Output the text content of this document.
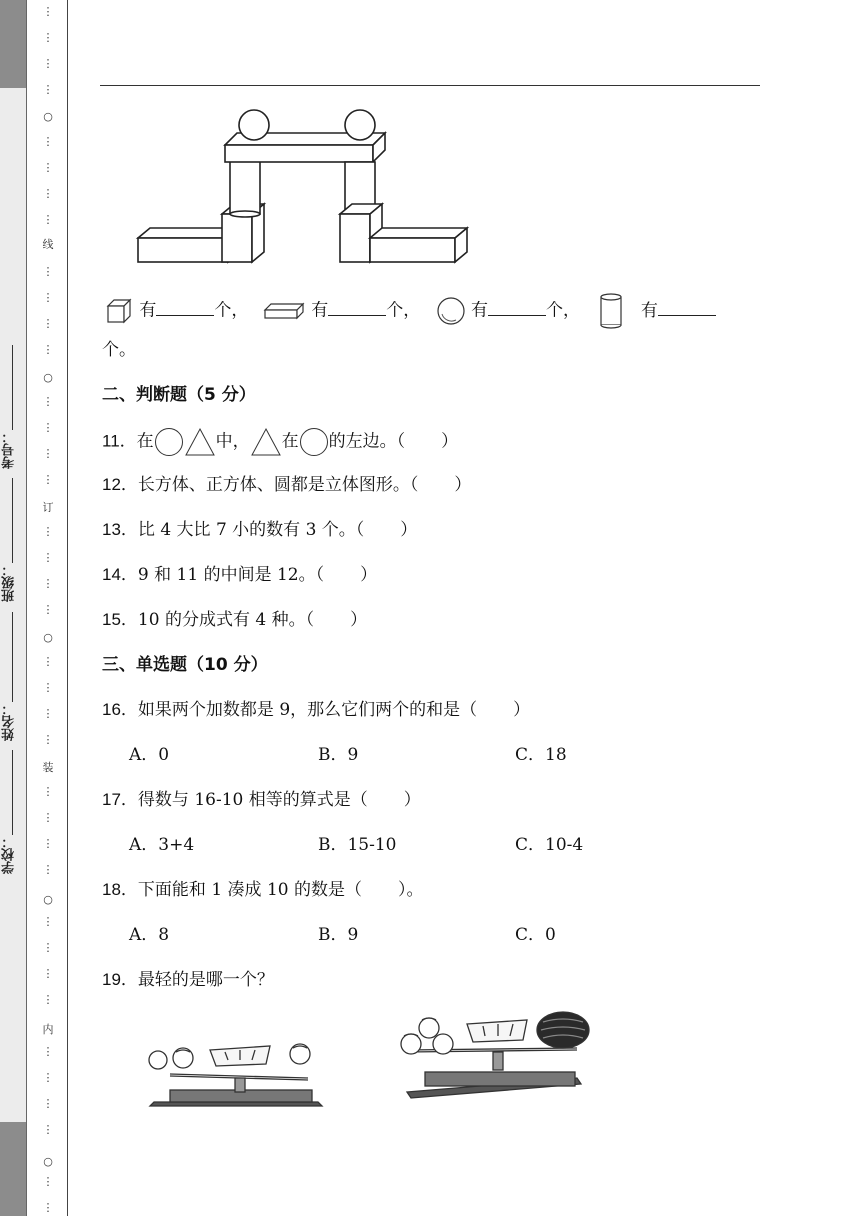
考号：
班级：
姓名：
学校：
⋮
⋮
⋮
⋮
⋮
⋮
⋮
⋮
⋮
⋮
⋮
⋮
⋮
⋮
⋮
⋮
⋮
⋮
⋮
⋮
⋮
⋮
⋮
⋮
⋮
⋮
⋮
⋮
⋮
⋮
⋮
⋮
⋮
⋮
⋮
⋮
⋮
⋮
○
○
○
○
○
线
订
装
内
有	个，	有	个，	有	个，	有
个。
二、判断题（5 分）
11．在	中， 在 的左边。（ ）
12．长方体、正方体、圆都是立体图形。（ ）
13．比 4 大比 7 小的数有 3 个。（ ）
14．9 和 11 的中间是 12。（ ）
15．10 的分成式有 4 种。（ ）
三、单选题（10 分）
16．如果两个加数都是 9，那么它们两个的和是（ ）
A．0	B．9	C．18
17．得数与 16-10 相等的算式是（ ）
A．3+4	B．15-10	C．10-4
18．下面能和 1 凑成 10 的数是（ ）。
A．8	B．9	C．0
19．最轻的是哪一个？
